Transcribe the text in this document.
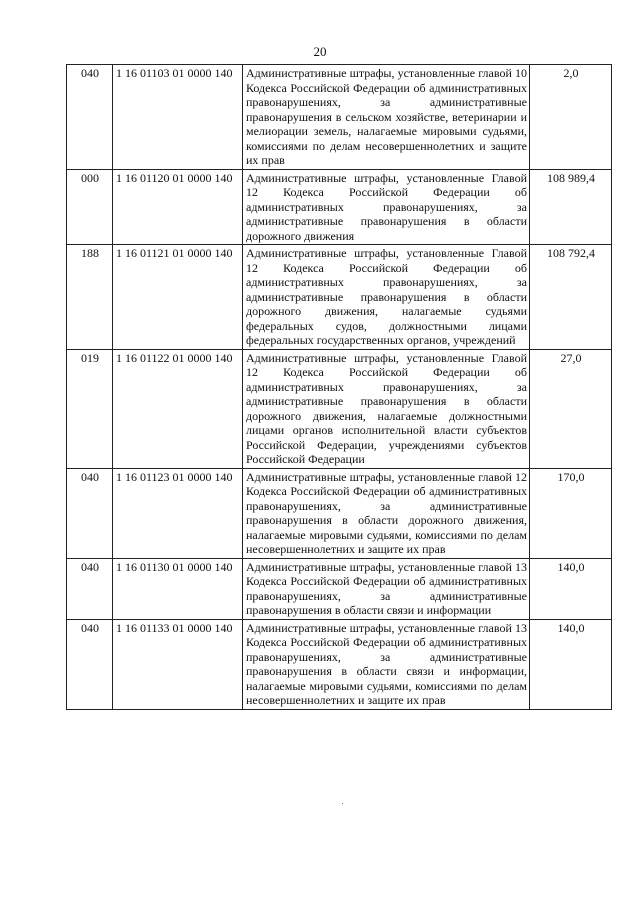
20
040	1 16 01103 01 0000 140	Административные штрафы, установленные главой 10 Кодекса Российской Федерации об административных правонарушениях, за административные правонарушения в сельском хозяйстве, ветеринарии и мелиорации земель, налагаемые мировыми судьями, комиссиями по делам несовершеннолетних и защите их прав	2,0
000	1 16 01120 01 0000 140	Административные штрафы, установленные Главой 12 Кодекса Российской Федерации об административных правонарушениях, за административные правонарушения в области дорожного движения	108 989,4
188	1 16 01121 01 0000 140	Административные штрафы, установленные Главой 12 Кодекса Российской Федерации об административных правонарушениях, за административные правонарушения в области дорожного движения, налагаемые судьями федеральных судов, должностными лицами федеральных государственных органов, учреждений	108 792,4
019	1 16 01122 01 0000 140	Административные штрафы, установленные Главой 12 Кодекса Российской Федерации об административных правонарушениях, за административные правонарушения в области дорожного движения, налагаемые должностными лицами органов исполнительной власти субъектов Российской Федерации, учреждениями субъектов Российской Федерации	27,0
040	1 16 01123 01 0000 140	Административные штрафы, установленные главой 12 Кодекса Российской Федерации об административных правонарушениях, за административные правонарушения в области дорожного движения, налагаемые мировыми судьями, комиссиями по делам несовершеннолетних и защите их прав	170,0
040	1 16 01130 01 0000 140	Административные штрафы, установленные главой 13 Кодекса Российской Федерации об административных правонарушениях, за административные правонарушения в области связи и информации	140,0
040	1 16 01133 01 0000 140	Административные штрафы, установленные главой 13 Кодекса Российской Федерации об административных правонарушениях, за административные правонарушения в области связи и информации, налагаемые мировыми судьями, комиссиями по делам несовершеннолетних и защите их прав	140,0
